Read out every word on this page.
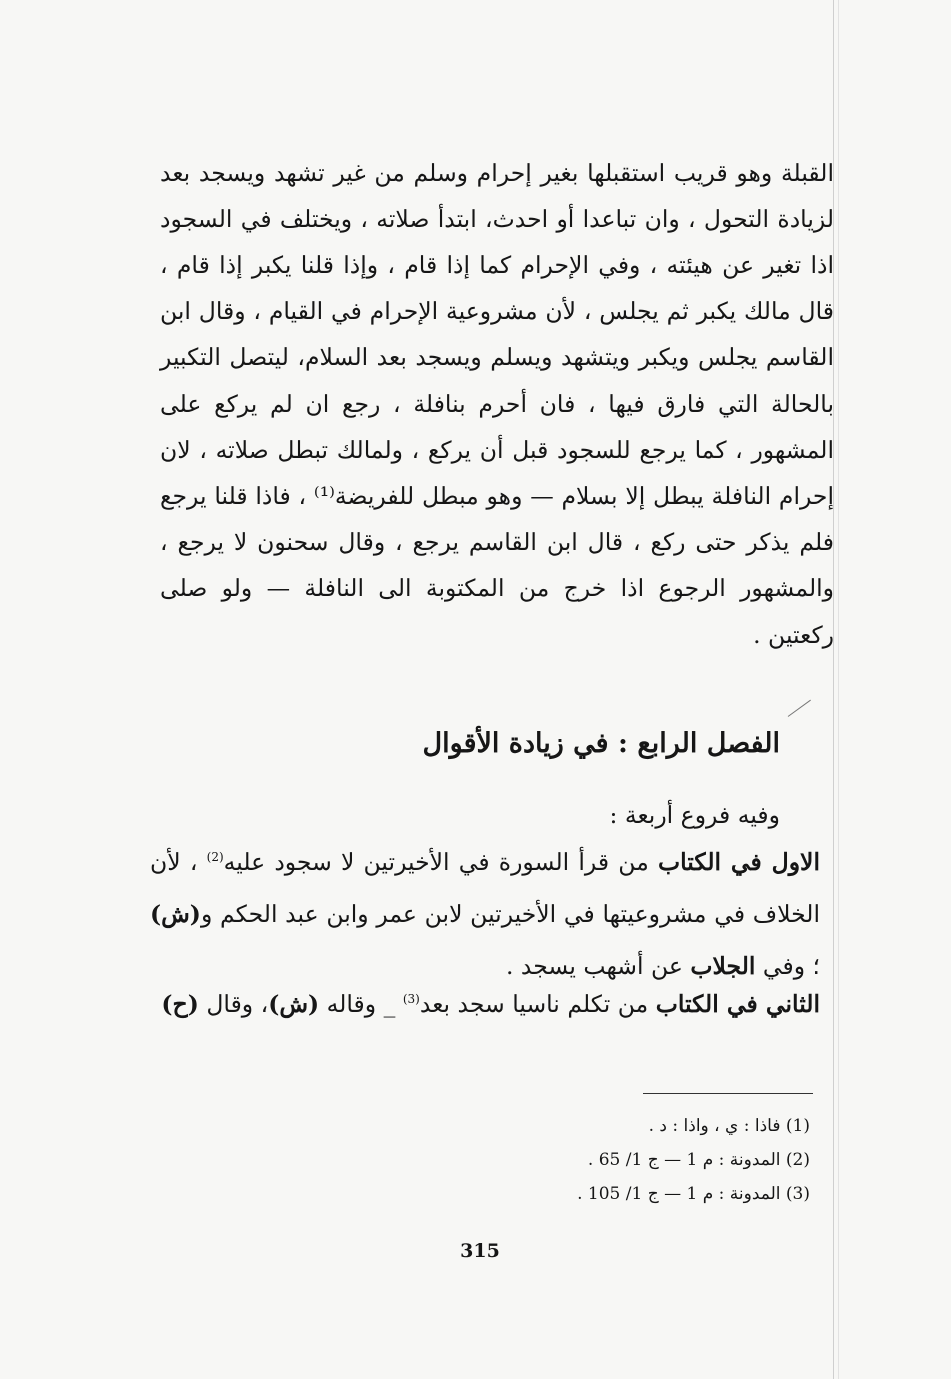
القبلة وهو قريب استقبلها بغير إحرام وسلم من غير تشهد ويسجد بعد لزيادة التحول ، وان تباعدا أو احدث، ابتدأ صلاته ، ويختلف في السجود اذا تغير عن هيئته ، وفي الإحرام كما إذا قام ، وإذا قلنا يكبر إذا قام ، قال مالك يكبر ثم يجلس ، لأن مشروعية الإحرام في القيام ، وقال ابن القاسم يجلس ويكبر ويتشهد ويسلم ويسجد بعد السلام، ليتصل التكبير بالحالة التي فارق فيها ، فان أحرم بنافلة ، رجع ان لم يركع على المشهور ، كما يرجع للسجود قبل أن يركع ، ولمالك تبطل صلاته ، لان إحرام النافلة يبطل إلا بسلام — وهو مبطل للفريضة⁽¹⁾ ، فاذا قلنا يرجع فلم يذكر حتى ركع ، قال ابن القاسم يرجع ، وقال سحنون لا يرجع ، والمشهور الرجوع اذا خرج من المكتوبة الى النافلة — ولو صلى ركعتين .

الفصل الرابع : في زيادة الأقوال

وفيه فروع أربعة :

الاول في الكتاب من قرأ السورة في الأخيرتين لا سجود عليه$^{(2)}$ ، لأن الخلاف في مشروعيتها في الأخيرتين لابن عمر وابن عبد الحكم و(ش) ؛ وفي الجلاب عن أشهب يسجد .

الثاني في الكتاب من تكلم ناسيا سجد بعد$^{(3)}$ _ وقاله (ش)، وقال (ح)

(1) فاذا : ي ، واذا : د .
(2) المدونة : م 1 — ج 1/ 65 .
(3) المدونة : م 1 — ج 1/ 105 .
315
